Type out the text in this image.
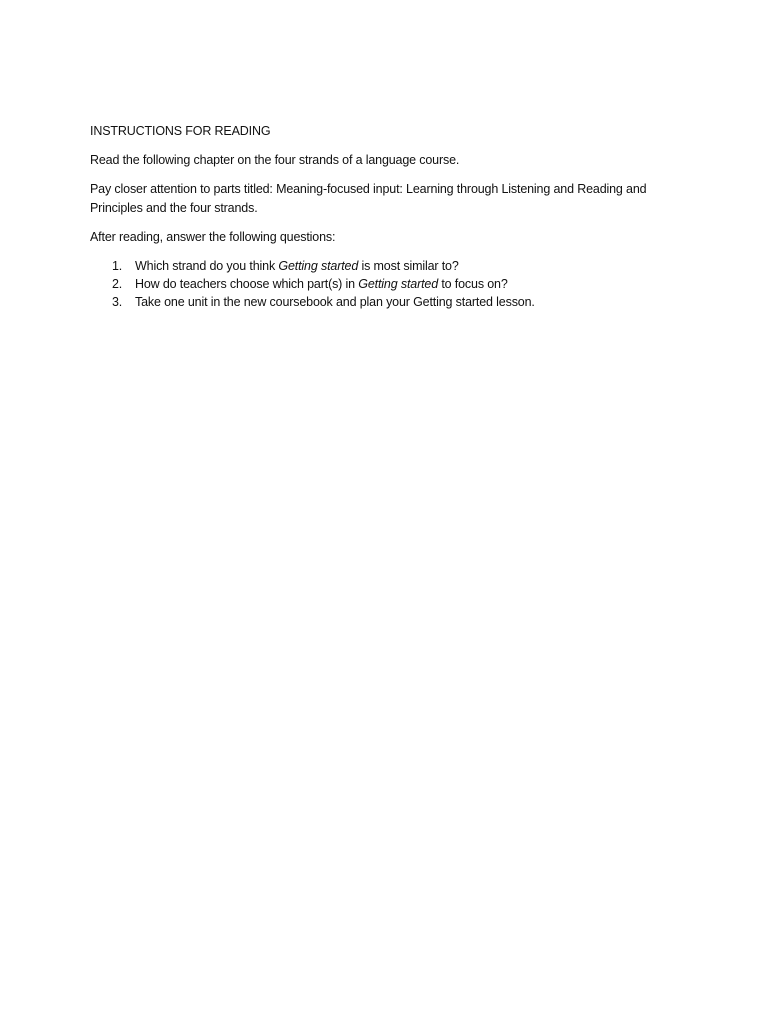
INSTRUCTIONS FOR READING

Read the following chapter on the four strands of a language course.

Pay closer attention to parts titled: Meaning-focused input: Learning through Listening and Reading and Principles and the four strands.

After reading, answer the following questions:

1. Which strand do you think Getting started is most similar to?
2. How do teachers choose which part(s) in Getting started to focus on?
3. Take one unit in the new coursebook and plan your Getting started lesson.
